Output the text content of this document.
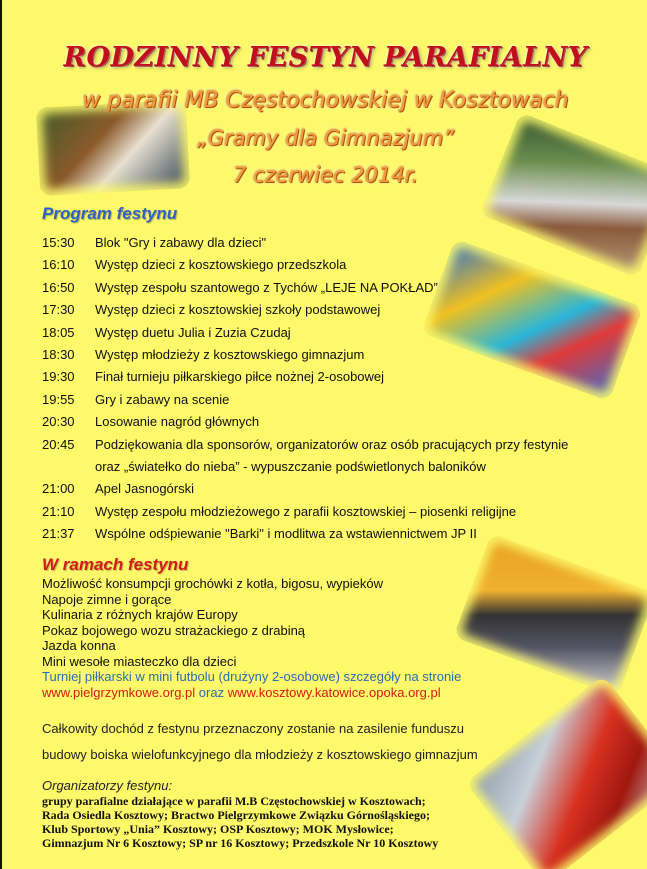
RODZINNY FESTYN PARAFIALNY
w parafii MB Częstochowskiej w Kosztowach
„Gramy dla Gimnazjum”
7 czerwiec 2014r.
Program festynu
15:30	Blok "Gry i zabawy dla dzieci"
16:10	Występ dzieci z kosztowskiego przedszkola
16:50	Występ zespołu szantowego z Tychów „LEJE NA POKŁAD”
17:30	Występ dzieci z kosztowskiej szkoły podstawowej
18:05	Występ duetu Julia i Zuzia Czudaj
18:30	Występ młodzieży z kosztowskiego gimnazjum
19:30	Finał turnieju piłkarskiego piłce nożnej 2-osobowej
19:55	Gry i zabawy na scenie
20:30	Losowanie nagród głównych
20:45	Podziękowania dla sponsorów, organizatorów oraz osób pracujących przy festynie
oraz „światełko do nieba” - wypuszczanie podświetlonych baloników
21:00	Apel Jasnogórski
21:10	Występ zespołu młodzieżowego z parafii kosztowskiej – piosenki religijne
21:37	Wspólne odśpiewanie "Barki" i modlitwa za wstawiennictwem JP II
W ramach festynu
Możliwość konsumpcji grochówki z kotła, bigosu, wypieków
Napoje zimne i gorące
Kulinaria z różnych krajów Europy
Pokaz bojowego wozu strażackiego z drabiną
Jazda konna
Mini wesołe miasteczko dla dzieci
Turniej piłkarski w mini futbolu (drużyny 2-osobowe) szczegóły na stronie
www.pielgrzymkowe.org.pl oraz www.kosztowy.katowice.opoka.org.pl
Całkowity dochód z festynu przeznaczony zostanie na zasilenie funduszu
budowy boiska wielofunkcyjnego dla młodzieży z kosztowskiego gimnazjum
Organizatorzy festynu:
grupy parafialne działające w parafii M.B Częstochowskiej w Kosztowach;
Rada Osiedla Kosztowy; Bractwo Pielgrzymkowe Związku Górnośląskiego;
Klub Sportowy „Unia” Kosztowy; OSP Kosztowy; MOK Mysłowice;
Gimnazjum Nr 6 Kosztowy; SP nr 16 Kosztowy; Przedszkole Nr 10 Kosztowy
